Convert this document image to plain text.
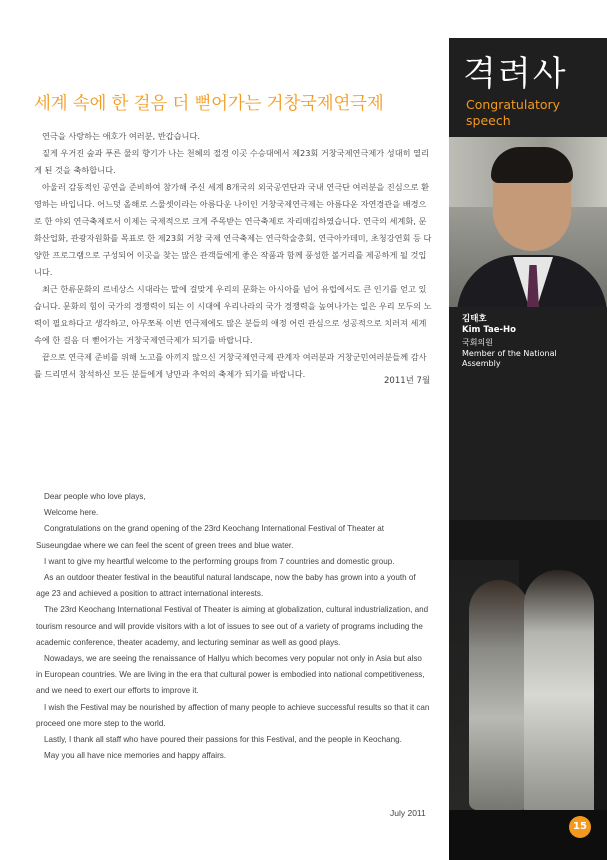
격려사
Congratulatory
speech
김태호
Kim Tae-Ho
국회의원
Member of the National
Assembly
세계 속에 한 걸음 더 뻗어가는 거창국제연극제

연극을 사랑하는 애호가 여러분, 반갑습니다.

짙게 우거진 숲과 푸른 물의 향기가 나는 천혜의 절경 이곳 수승대에서 제23회 거창국제연극제가 성대히 열리게 된 것을 축하합니다.

아울러 감동적인 공연을 준비하여 참가해 주신 세계 8개국의 외국공연단과 국내 연극단 여러분을 진심으로 환영하는 바입니다. 어느덧 올해로 스물셋이라는 아름다운 나이인 거창국제연극제는 아름다운 자연경관을 배경으로 한 야외 연극축제로서 이제는 국제적으로 크게 주목받는 연극축제로 자리매김하였습니다. 연극의 세계화, 문화산업화, 관광자원화를 목표로 한 제23회 거창 국제 연극축제는 연극학술총회, 연극아카데미, 초청강연회 등 다양한 프로그램으로 구성되어 이곳을 찾는 많은 관객들에게 좋은 작품과 함께 풍성한 볼거리를 제공하게 될 것입니다.

최근 한류문화의 르네상스 시대라는 말에 걸맞게 우리의 문화는 아시아를 넘어 유럽에서도 큰 인기를 얻고 있습니다. 문화의 힘이 국가의 경쟁력이 되는 이 시대에 우리나라의 국가 경쟁력을 높여나가는 일은 우리 모두의 노력이 필요하다고 생각하고, 아무쪼록 이번 연극제에도 많은 분들의 애정 어린 관심으로 성공적으로 치러져 세계 속에 한 걸음 더 뻗어가는 거창국제연극제가 되기를 바랍니다.

끝으로 연극제 준비를 위해 노고를 아끼지 않으신 거창국제연극제 관계자 여러분과 거창군민여러분들께 감사를 드리면서 참석하신 모든 분들에게 낭만과 추억의 축제가 되기를 바랍니다.

2011년 7월

Dear people who love plays,

Welcome here.

Congratulations on the grand opening of the 23rd Keochang International Festival of Theater at Suseungdae where we can feel the scent of green trees and blue water.

I want to give my heartful welcome to the performing groups from 7 countries and domestic group.

As an outdoor theater festival in the beautiful natural landscape, now the baby has grown into a youth of age 23 and achieved a position to attract international interests.

The 23rd Keochang International Festival of Theater is aiming at globalization, cultural industrialization, and tourism resource and will provide visitors with a lot of issues to see out of a variety of programs including the academic conference, theater academy, and lecturing seminar as well as good plays.

Nowadays, we are seeing the renaissance of Hallyu which becomes very popular not only in Asia but also in European countries. We are living in the era that cultural power is embodied into national competitiveness, and we need to exert our efforts to improve it.

I wish the Festival may be nourished by affection of many people to achieve successful results so that it can proceed one more step to the world.

Lastly, I thank all staff who have poured their passions for this Festival, and the people in Keochang.

May you all have nice memories and happy affairs.

July 2011
15
